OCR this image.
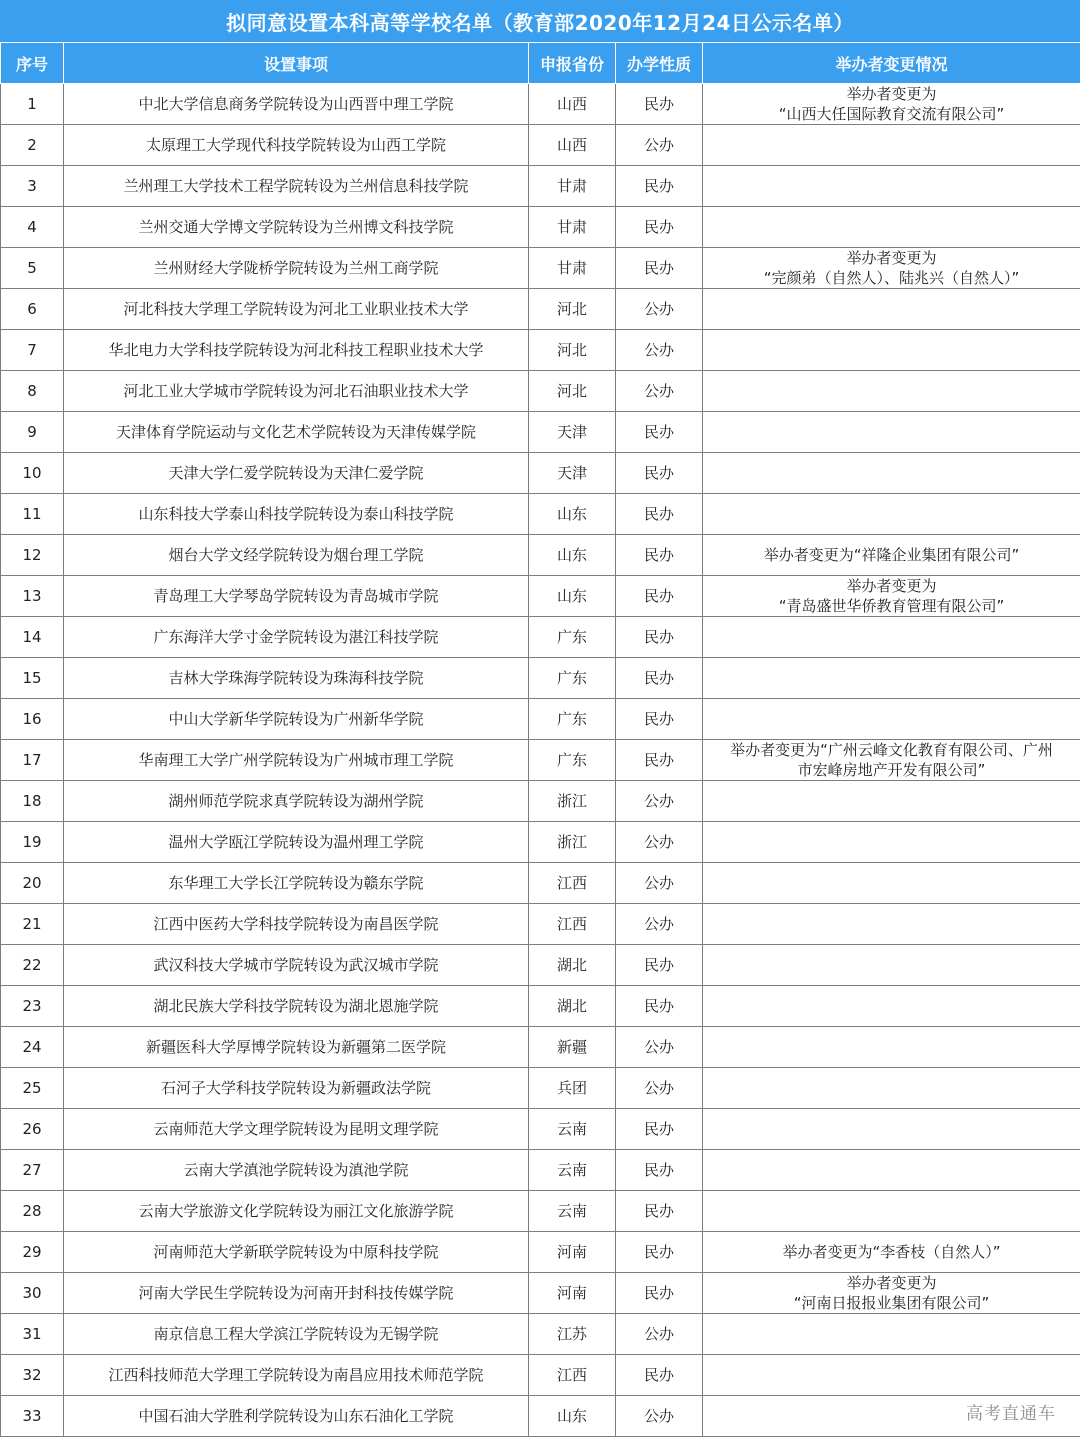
拟同意设置本科高等学校名单（教育部2020年12月24日公示名单）
序号	设置事项	申报省份	办学性质	举办者变更情况
1	中北大学信息商务学院转设为山西晋中理工学院	山西	民办	举办者变更为
“山西大任国际教育交流有限公司”

2	太原理工大学现代科技学院转设为山西工学院	山西	公办	
3	兰州理工大学技术工程学院转设为兰州信息科技学院	甘肃	民办	
4	兰州交通大学博文学院转设为兰州博文科技学院	甘肃	民办	
5	兰州财经大学陇桥学院转设为兰州工商学院	甘肃	民办	举办者变更为
“完颜弟（自然人）、陆兆兴（自然人）”

6	河北科技大学理工学院转设为河北工业职业技术大学	河北	公办	
7	华北电力大学科技学院转设为河北科技工程职业技术大学	河北	公办	
8	河北工业大学城市学院转设为河北石油职业技术大学	河北	公办	
9	天津体育学院运动与文化艺术学院转设为天津传媒学院	天津	民办	
10	天津大学仁爱学院转设为天津仁爱学院	天津	民办	
11	山东科技大学泰山科技学院转设为泰山科技学院	山东	民办	
12	烟台大学文经学院转设为烟台理工学院	山东	民办	举办者变更为“祥隆企业集团有限公司”

13	青岛理工大学琴岛学院转设为青岛城市学院	山东	民办	举办者变更为
“青岛盛世华侨教育管理有限公司”

14	广东海洋大学寸金学院转设为湛江科技学院	广东	民办	
15	吉林大学珠海学院转设为珠海科技学院	广东	民办	
16	中山大学新华学院转设为广州新华学院	广东	民办	
17	华南理工大学广州学院转设为广州城市理工学院	广东	民办	举办者变更为“广州云峰文化教育有限公司、广州
市宏峰房地产开发有限公司”

18	湖州师范学院求真学院转设为湖州学院	浙江	公办	
19	温州大学瓯江学院转设为温州理工学院	浙江	公办	
20	东华理工大学长江学院转设为赣东学院	江西	公办	
21	江西中医药大学科技学院转设为南昌医学院	江西	公办	
22	武汉科技大学城市学院转设为武汉城市学院	湖北	民办	
23	湖北民族大学科技学院转设为湖北恩施学院	湖北	民办	
24	新疆医科大学厚博学院转设为新疆第二医学院	新疆	公办	
25	石河子大学科技学院转设为新疆政法学院	兵团	公办	
26	云南师范大学文理学院转设为昆明文理学院	云南	民办	
27	云南大学滇池学院转设为滇池学院	云南	民办	
28	云南大学旅游文化学院转设为丽江文化旅游学院	云南	民办	
29	河南师范大学新联学院转设为中原科技学院	河南	民办	举办者变更为“李香枝（自然人）”

30	河南大学民生学院转设为河南开封科技传媒学院	河南	民办	举办者变更为
“河南日报报业集团有限公司”

31	南京信息工程大学滨江学院转设为无锡学院	江苏	公办	
32	江西科技师范大学理工学院转设为南昌应用技术师范学院	江西	民办	
33	中国石油大学胜利学院转设为山东石油化工学院	山东	公办		高考直通车
